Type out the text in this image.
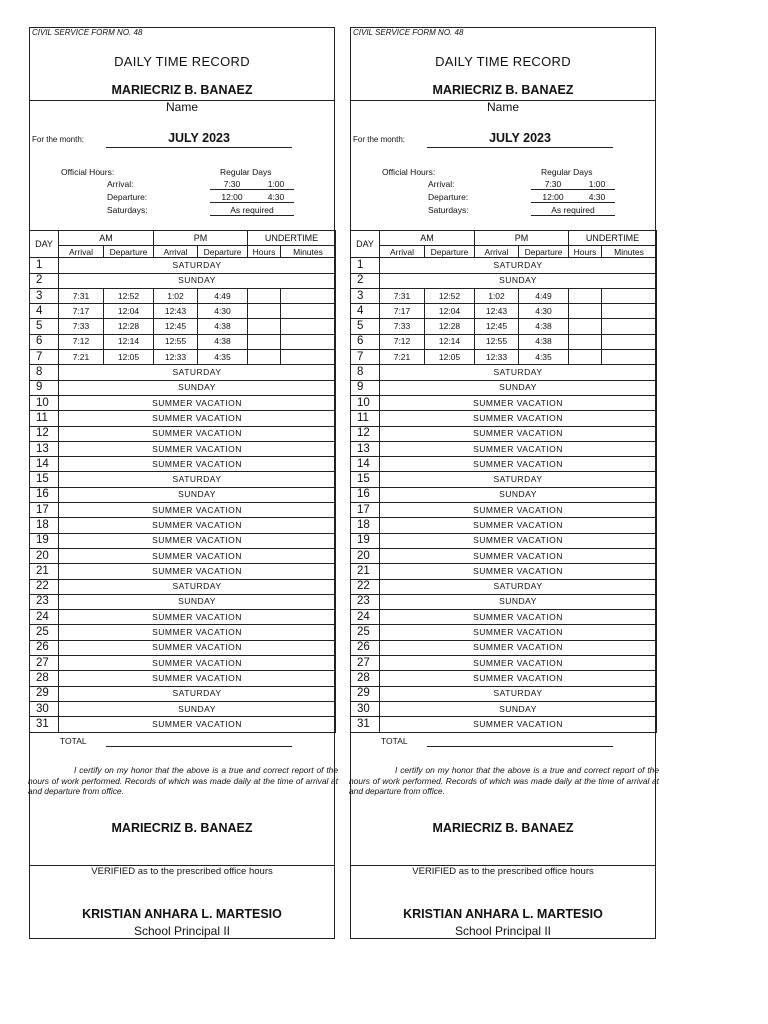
CIVIL SERVICE FORM NO. 48
DAILY TIME RECORD
MARIECRIZ B. BANAEZ
Name
For the month:	JULY 2023
Official Hours:	Regular Days
Arrival:	7:30	1:00
Departure:	12:00	4:30
Saturdays:	As required
DAY	AM		PM		UNDERTIME	
	Arrival	Departure	Arrival	Departure	Hours	Minutes
1	SATURDAY					
2	SUNDAY					
3	7:31	12:52	1:02	4:49		
4	7:17	12:04	12:43	4:30		
5	7:33	12:28	12:45	4:38		
6	7:12	12:14	12:55	4:38		
7	7:21	12:05	12:33	4:35		
8	SATURDAY					
9	SUNDAY					
10	SUMMER VACATION					
11	SUMMER VACATION					
12	SUMMER VACATION					
13	SUMMER VACATION					
14	SUMMER VACATION					
15	SATURDAY					
16	SUNDAY					
17	SUMMER VACATION					
18	SUMMER VACATION					
19	SUMMER VACATION					
20	SUMMER VACATION					
21	SUMMER VACATION					
22	SATURDAY					
23	SUNDAY					
24	SUMMER VACATION					
25	SUMMER VACATION					
26	SUMMER VACATION					
27	SUMMER VACATION					
28	SUMMER VACATION					
29	SATURDAY					
30	SUNDAY					
31	SUMMER VACATION					
TOTAL
I certify on my honor that the above is a true and correct report of the hours of work performed. Records of which was made daily at the time of arrival at and departure from office.
MARIECRIZ B. BANAEZ
VERIFIED as to the prescribed office hours
KRISTIAN ANHARA L. MARTESIO
School Principal II
CIVIL SERVICE FORM NO. 48
DAILY TIME RECORD
MARIECRIZ B. BANAEZ
Name
For the month:	JULY 2023
Official Hours:	Regular Days
Arrival:	7:30	1:00
Departure:	12:00	4:30
Saturdays:	As required
DAY	AM		PM		UNDERTIME	
	Arrival	Departure	Arrival	Departure	Hours	Minutes
1	SATURDAY					
2	SUNDAY					
3	7:31	12:52	1:02	4:49		
4	7:17	12:04	12:43	4:30		
5	7:33	12:28	12:45	4:38		
6	7:12	12:14	12:55	4:38		
7	7:21	12:05	12:33	4:35		
8	SATURDAY					
9	SUNDAY					
10	SUMMER VACATION					
11	SUMMER VACATION					
12	SUMMER VACATION					
13	SUMMER VACATION					
14	SUMMER VACATION					
15	SATURDAY					
16	SUNDAY					
17	SUMMER VACATION					
18	SUMMER VACATION					
19	SUMMER VACATION					
20	SUMMER VACATION					
21	SUMMER VACATION					
22	SATURDAY					
23	SUNDAY					
24	SUMMER VACATION					
25	SUMMER VACATION					
26	SUMMER VACATION					
27	SUMMER VACATION					
28	SUMMER VACATION					
29	SATURDAY					
30	SUNDAY					
31	SUMMER VACATION					
TOTAL
I certify on my honor that the above is a true and correct report of the hours of work performed. Records of which was made daily at the time of arrival at and departure from office.
MARIECRIZ B. BANAEZ
VERIFIED as to the prescribed office hours
KRISTIAN ANHARA L. MARTESIO
School Principal II
